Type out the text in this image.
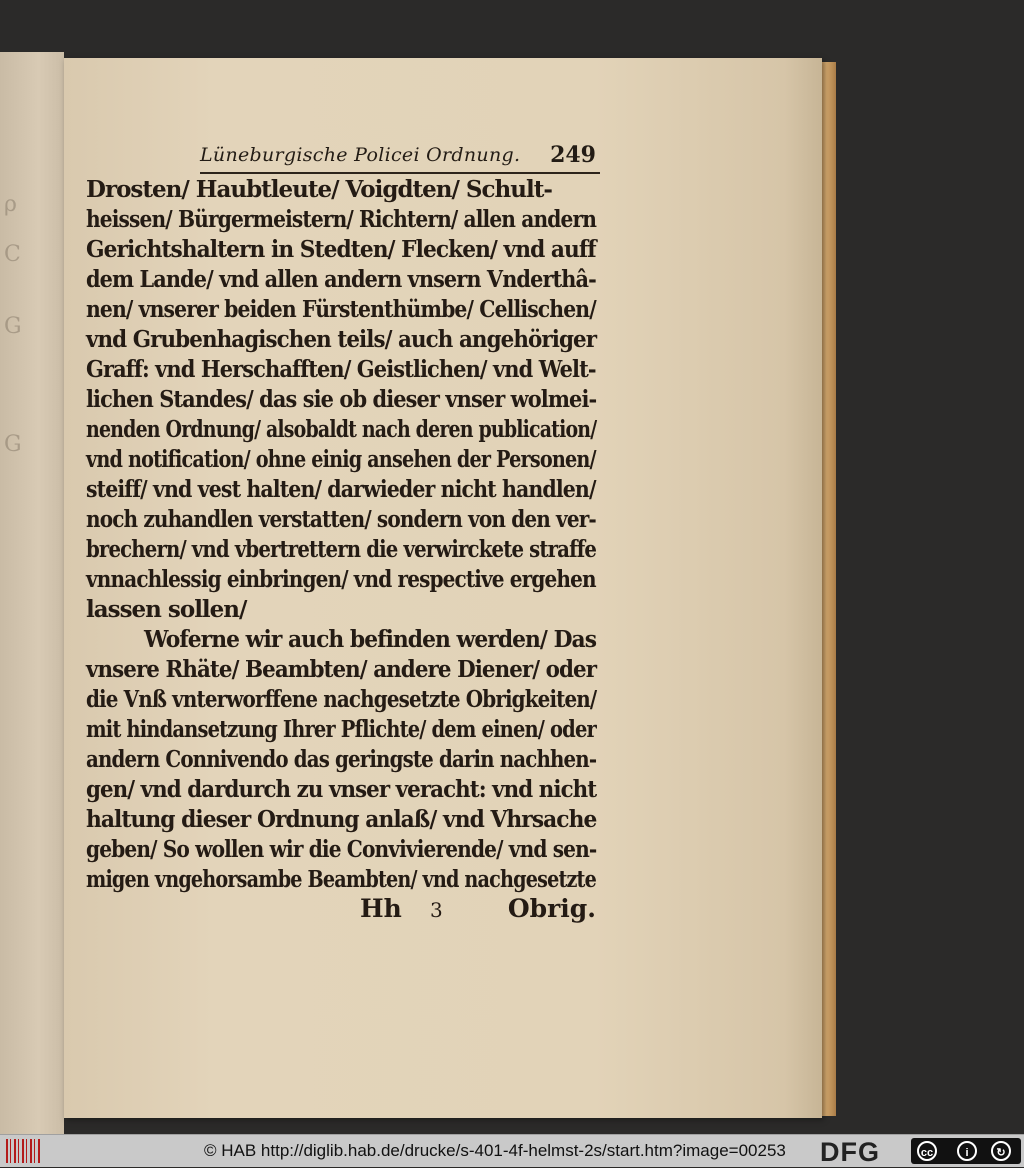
ρ
C
G
G
Lüneburgische Policei Ordnung. 249
Drosten/ Haubtleute/ Voigdten/ Schult-
heissen/ Bürgermeistern/ Richtern/ allen andern
Gerichtshaltern in Stedten/ Flecken/ vnd auff
dem Lande/ vnd allen andern vnsern Vnderthâ-
nen/ vnserer beiden Fürstenthümbe/ Cellischen/
vnd Grubenhagischen teils/ auch angehöriger
Graff: vnd Herschafften/ Geistlichen/ vnd Welt-
lichen Standes/ das sie ob dieser vnser wolmei-
nenden Ordnung/ alsobaldt nach deren publication/
vnd notification/ ohne einig ansehen der Personen/
steiff/ vnd vest halten/ darwieder nicht handlen/
noch zuhandlen verstatten/ sondern von den ver-
brechern/ vnd vbertrettern die verwirckete straffe
vnnachlessig einbringen/ vnd respective ergehen
lassen sollen/
Woferne wir auch befinden werden/ Das
vnsere Rhäte/ Beambten/ andere Diener/ oder
die Vnß vnterworffene nachgesetzte Obrigkeiten/
mit hindansetzung Ihrer Pflichte/ dem einen/ oder
andern Connivendo das geringste darin nachhen-
gen/ vnd dardurch zu vnser veracht: vnd nicht
haltung dieser Ordnung anlaß/ vnd Vhrsache
geben/ So wollen wir die Convivierende/ vnd sen-
migen vngehorsambe Beambten/ vnd nachgesetzte
Hh 3	Obrig.
© HAB http://diglib.hab.de/drucke/s-401-4f-helmst-2s/start.htm?image=00253 DFG	cc	i	↻
